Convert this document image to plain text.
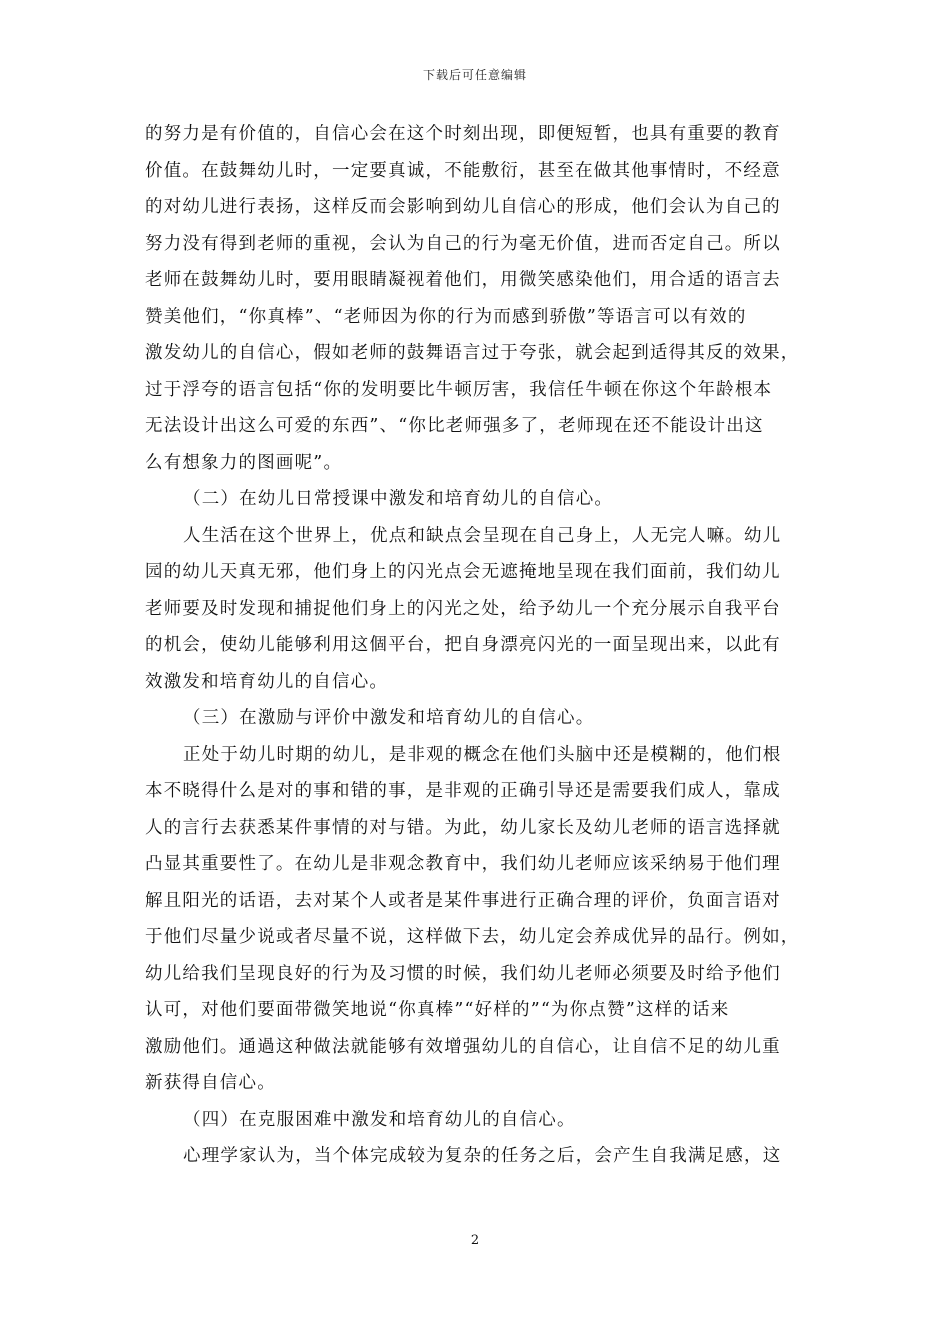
下载后可任意编辑
的努力是有价值的，自信心会在这个时刻出现，即便短暂，也具有重要的教育
价值。在鼓舞幼儿时，一定要真诚，不能敷衍，甚至在做其他事情时，不经意
的对幼儿进行表扬，这样反而会影响到幼儿自信心的形成，他们会认为自己的
努力没有得到老师的重视，会认为自己的行为毫无价值，进而否定自己。所以
老师在鼓舞幼儿时，要用眼睛凝视着他们，用微笑感染他们，用合适的语言去
赞美他们，“你真棒”、“老师因为你的行为而感到骄傲”等语言可以有效的
激发幼儿的自信心，假如老师的鼓舞语言过于夸张，就会起到适得其反的效果，
过于浮夸的语言包括“你的发明要比牛顿厉害，我信任牛顿在你这个年龄根本
无法设计出这么可爱的东西”、“你比老师强多了，老师现在还不能设计出这
么有想象力的图画呢”。
（二）在幼儿日常授课中激发和培育幼儿的自信心。
人生活在这个世界上，优点和缺点会呈现在自己身上，人无完人嘛。幼儿
园的幼儿天真无邪，他们身上的闪光点会无遮掩地呈现在我们面前，我们幼儿
老师要及时发现和捕捉他们身上的闪光之处，给予幼儿一个充分展示自我平台
的机会，使幼儿能够利用这個平台，把自身漂亮闪光的一面呈现出来，以此有
效激发和培育幼儿的自信心。
（三）在激励与评价中激发和培育幼儿的自信心。
正处于幼儿时期的幼儿，是非观的概念在他们头脑中还是模糊的，他们根
本不晓得什么是对的事和错的事，是非观的正确引导还是需要我们成人，靠成
人的言行去获悉某件事情的对与错。为此，幼儿家长及幼儿老师的语言选择就
凸显其重要性了。在幼儿是非观念教育中，我们幼儿老师应该采纳易于他们理
解且阳光的话语，去对某个人或者是某件事进行正确合理的评价，负面言语对
于他们尽量少说或者尽量不说，这样做下去，幼儿定会养成优异的品行。例如，
幼儿给我们呈现良好的行为及习惯的时候，我们幼儿老师必须要及时给予他们
认可，对他们要面带微笑地说“你真棒”“好样的”“为你点赞”这样的话来
激励他们。通過这种做法就能够有效增强幼儿的自信心，让自信不足的幼儿重
新获得自信心。
（四）在克服困难中激发和培育幼儿的自信心。
心理学家认为，当个体完成较为复杂的任务之后，会产生自我满足感，这
2
